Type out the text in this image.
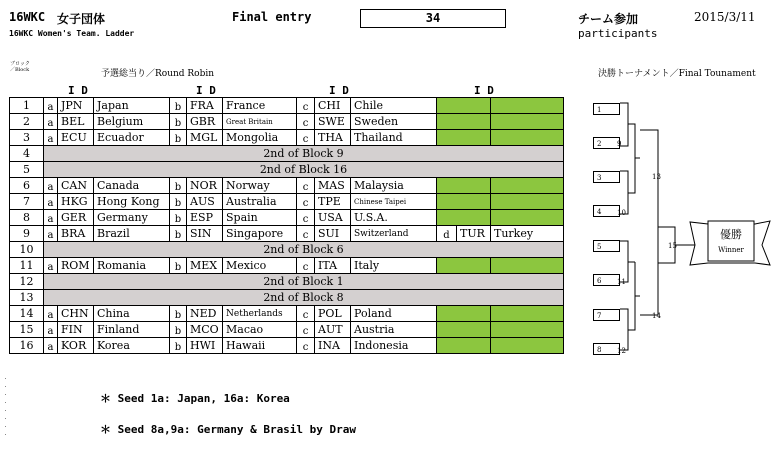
16WKC 女子団体
16WKC Women's Team. Ladder
Final entry	34	チーム参加
participants
2015/3/11
ブロック
／Block	予選総当り／Round Robin	決勝トーナメント／Final Tounament
I D	I D	I D	I D
1	a	JPN	Japan	b	FRA	France	c	CHI	Chile			
2	a	BEL	Belgium	b	GBR	Great Britain	c	SWE	Sweden			
3	a	ECU	Ecuador	b	MGL	Mongolia	c	THA	Thailand			
4	2nd of Block 9											
5	2nd of Block 16											
6	a	CAN	Canada	b	NOR	Norway	c	MAS	Malaysia			
7	a	HKG	Hong Kong	b	AUS	Australia	c	TPE	Chinese Taipei			
8	a	GER	Germany	b	ESP	Spain	c	USA	U.S.A.			
9	a	BRA	Brazil	b	SIN	Singapore	c	SUI	Switzerland	d	TUR	Turkey
10	2nd of Block 6											
11	a	ROM	Romania	b	MEX	Mexico	c	ITA	Italy			
12	2nd of Block 1											
13	2nd of Block 8											
14	a	CHN	China	b	NED	Netherlands	c	POL	Poland			
15	a	FIN	Finland	b	MCO	Macao	c	AUT	Austria			
16	a	KOR	Korea	b	HWI	Hawaii	c	INA	Indonesia			
優勝
Winner
1
2
3
4
5
6
7
8
9
10
11
12
13
14
15
＊ Seed 1a: Japan, 16a: Korea
＊ Seed 8a,9a: Germany & Brasil by Draw
